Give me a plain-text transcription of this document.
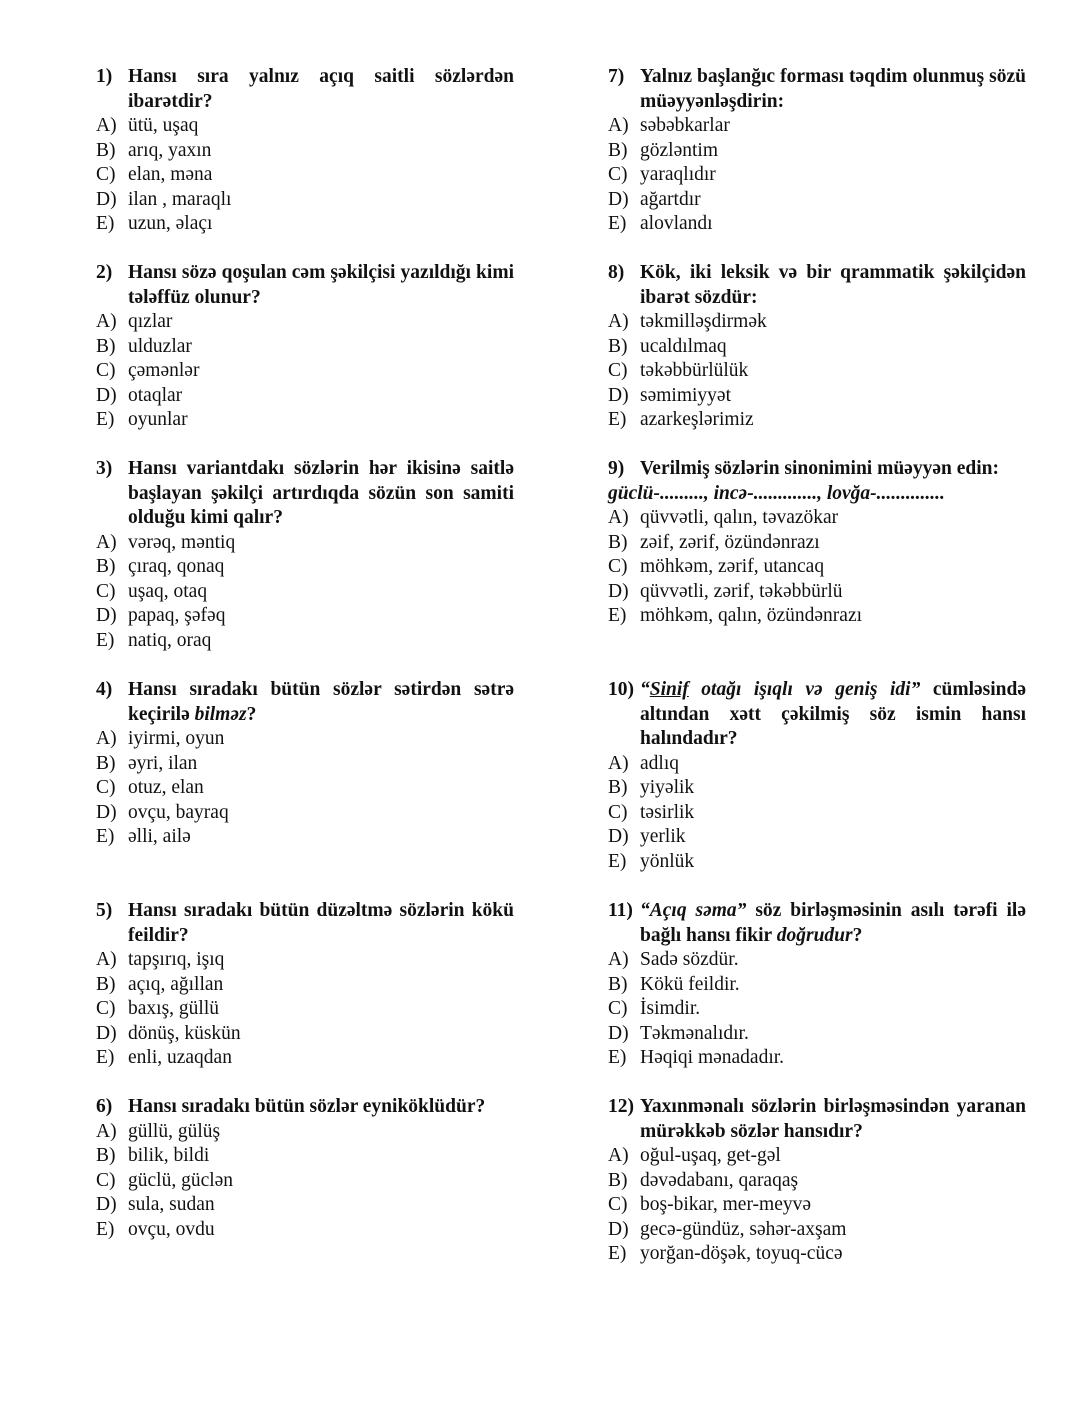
1) Hansı sıra yalnız açıq saitli sözlərdən ibarətdir?
A) ütü, uşaq
B) arıq, yaxın
C) elan, məna
D) ilan , maraqlı
E) uzun, əlaçı
2) Hansı sözə qoşulan cəm şəkilçisi yazıldığı kimi tələffüz olunur?
A) qızlar
B) ulduzlar
C) çəmənlər
D) otaqlar
E) oyunlar
3) Hansı variantdakı sözlərin hər ikisinə saitlə başlayan şəkilçi artırdıqda sözün son samiti olduğu kimi qalır?
A) vərəq, məntiq
B) çıraq, qonaq
C) uşaq, otaq
D) papaq, şəfəq
E) natiq, oraq
4) Hansı sıradakı bütün sözlər sətirdən sətrə keçirilə bilməz?
A) iyirmi, oyun
B) əyri, ilan
C) otuz, elan
D) ovçu, bayraq
E) əlli, ailə
5) Hansı sıradakı bütün düzəltmə sözlərin kökü feildir?
A) tapşırıq, işıq
B) açıq, ağıllan
C) baxış, güllü
D) dönüş, küskün
E) enli, uzaqdan
6) Hansı sıradakı bütün sözlər eyniköklüdür?
A) güllü, gülüş
B) bilik, bildi
C) güclü, güclən
D) sula, sudan
E) ovçu, ovdu
7) Yalnız başlanğıc forması təqdim olunmuş sözü müəyyənləşdirin:
A) səbəbkarlar
B) gözləntim
C) yaraqlıdır
D) ağartdır
E) alovlandı
8) Kök, iki leksik və bir qrammatik şəkilçidən ibarət sözdür:
A) təkmilləşdirmək
B) ucaldılmaq
C) təkəbbürlülük
D) səmimiyyət
E) azarkeşlərimiz
9) Verilmiş sözlərin sinonimini müəyyən edin:
güclü-........., incə-............., lovğa-..............
A) qüvvətli, qalın, təvazökar
B) zəif, zərif, özündənrazı
C) möhkəm, zərif, utancaq
D) qüvvətli, zərif, təkəbbürlü
E) möhkəm, qalın, özündənrazı
10) “Sinif otağı işıqlı və geniş idi” cümləsində altından xətt çəkilmiş söz ismin hansı halındadır?
A) adlıq
B) yiyəlik
C) təsirlik
D) yerlik
E) yönlük
11) “Açıq səma” söz birləşməsinin asılı tərəfi ilə bağlı hansı fikir doğrudur?
A) Sadə sözdür.
B) Kökü feildir.
C) İsimdir.
D) Təkmənalıdır.
E) Həqiqi mənadadır.
12) Yaxınmənalı sözlərin birləşməsindən yaranan mürəkkəb sözlər hansıdır?
A) oğul-uşaq, get-gəl
B) dəvədabanı, qaraqaş
C) boş-bikar, mer-meyvə
D) gecə-gündüz, səhər-axşam
E) yorğan-döşək, toyuq-cücə
